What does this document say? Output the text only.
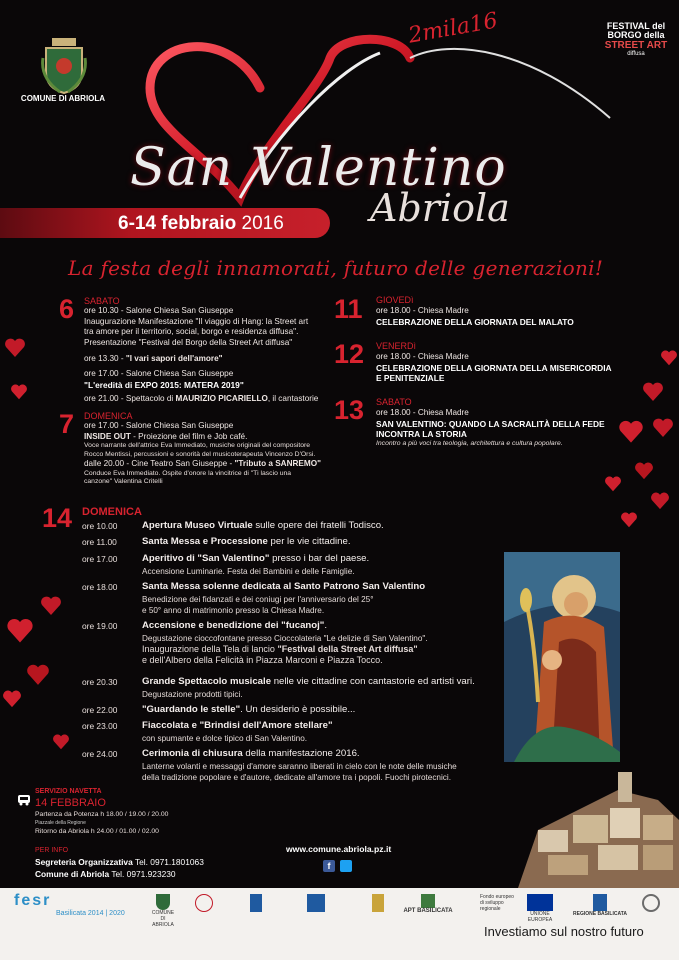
COMUNE DI ABRIOLA
FESTIVAL del BORGO della
STREET ART
diffusa
2mila16
San Valentino
Abriola
6-14 febbraio 2016
La festa degli innamorati, futuro delle generazioni!
6 SABATO
ore 10.30 - Salone Chiesa San Giuseppe
Inaugurazione Manifestazione "Il viaggio di Hang: la Street art
tra amore per il territorio, social, borgo e residenza diffusa".
Presentazione "Festival del Borgo della Street Art diffusa"
ore 13.30 - "I vari sapori dell'amore"
ore 17.00 - Salone Chiesa San Giuseppe
"L'eredità di EXPO 2015: MATERA 2019"
ore 21.00 - Spettacolo di MAURIZIO PICARIELLO, il cantastorie
7 DOMENICA
ore 17.00 - Salone Chiesa San Giuseppe
INSIDE OUT - Proiezione del film e Job café.
Voce narrante dell'attrice Eva Immediato, musiche originali del compositore
Rocco Mentissi, percussioni e sonorità del musicoterapeuta Vincenzo D'Orsi.
dalle 20.00 - Cine Teatro San Giuseppe - "Tributo a SANREMO"
Conduce Eva Immediato. Ospite d'onore la vincitrice di "Ti lascio una
canzone" Valentina Critelli
11 GIOVEDì
ore 18.00 - Chiesa Madre
CELEBRAZIONE DELLA GIORNATA DEL MALATO
12 VENERDì
ore 18.00 - Chiesa Madre
CELEBRAZIONE DELLA GIORNATA DELLA MISERICORDIA
E PENITENZIALE
13 SABATO
ore 18.00 - Chiesa Madre
SAN VALENTINO: QUANDO LA SACRALITÀ DELLA FEDE
INCONTRA LA STORIA
Incontro a più voci tra teologia, architettura e cultura popolare.
14 DOMENICA
ore 10.00	Apertura Museo Virtuale sulle opere dei fratelli Todisco.
ore 11.00	Santa Messa e Processione per le vie cittadine.
ore 17.00	Aperitivo di "San Valentino" presso i bar del paese.
Accensione Luminarie. Festa dei Bambini e delle Famiglie.
ore 18.00	Santa Messa solenne dedicata al Santo Patrono San Valentino
Benedizione dei fidanzati e dei coniugi per l'anniversario del 25°
e 50° anno di matrimonio presso la Chiesa Madre.
ore 19.00	Accensione e benedizione dei "fucanoj".
Degustazione cioccofontane presso Cioccolateria "Le delizie di San Valentino".
Inaugurazione della Tela di lancio "Festival della Street Art diffusa"
e dell'Albero della Felicità in Piazza Marconi e Piazza Tocco.
ore 20.30	Grande Spettacolo musicale nelle vie cittadine con cantastorie ed artisti vari.
Degustazione prodotti tipici.
ore 22.00	"Guardando le stelle". Un desiderio è possibile...
ore 23.00	Fiaccolata e "Brindisi dell'Amore stellare"
con spumante e dolce tipico di San Valentino.
ore 24.00	Cerimonia di chiusura della manifestazione 2016.
Lanterne volanti e messaggi d'amore saranno liberati in cielo con le note delle musiche
della tradizione popolare e d'autore, dedicate all'amore tra i popoli. Fuochi pirotecnici.
SERVIZIO NAVETTA
14 FEBBRAIO
Partenza da Potenza h 18.00 / 19.00 / 20.00
Piazzale della Regione
Ritorno da Abriola h 24.00 / 01.00 / 02.00
PER INFO
Segreteria Organizzativa Tel. 0971.1801063
Comune di Abriola Tel. 0971.923230
www.comune.abriola.pz.it
f
fesr
Basilicata 2014 | 2020	COMUNE DI ABRIOLA
APT BASILICATA
Fondo europeo di sviluppo regionale
UNIONE EUROPEA
REGIONE BASILICATA
Investiamo sul nostro futuro
